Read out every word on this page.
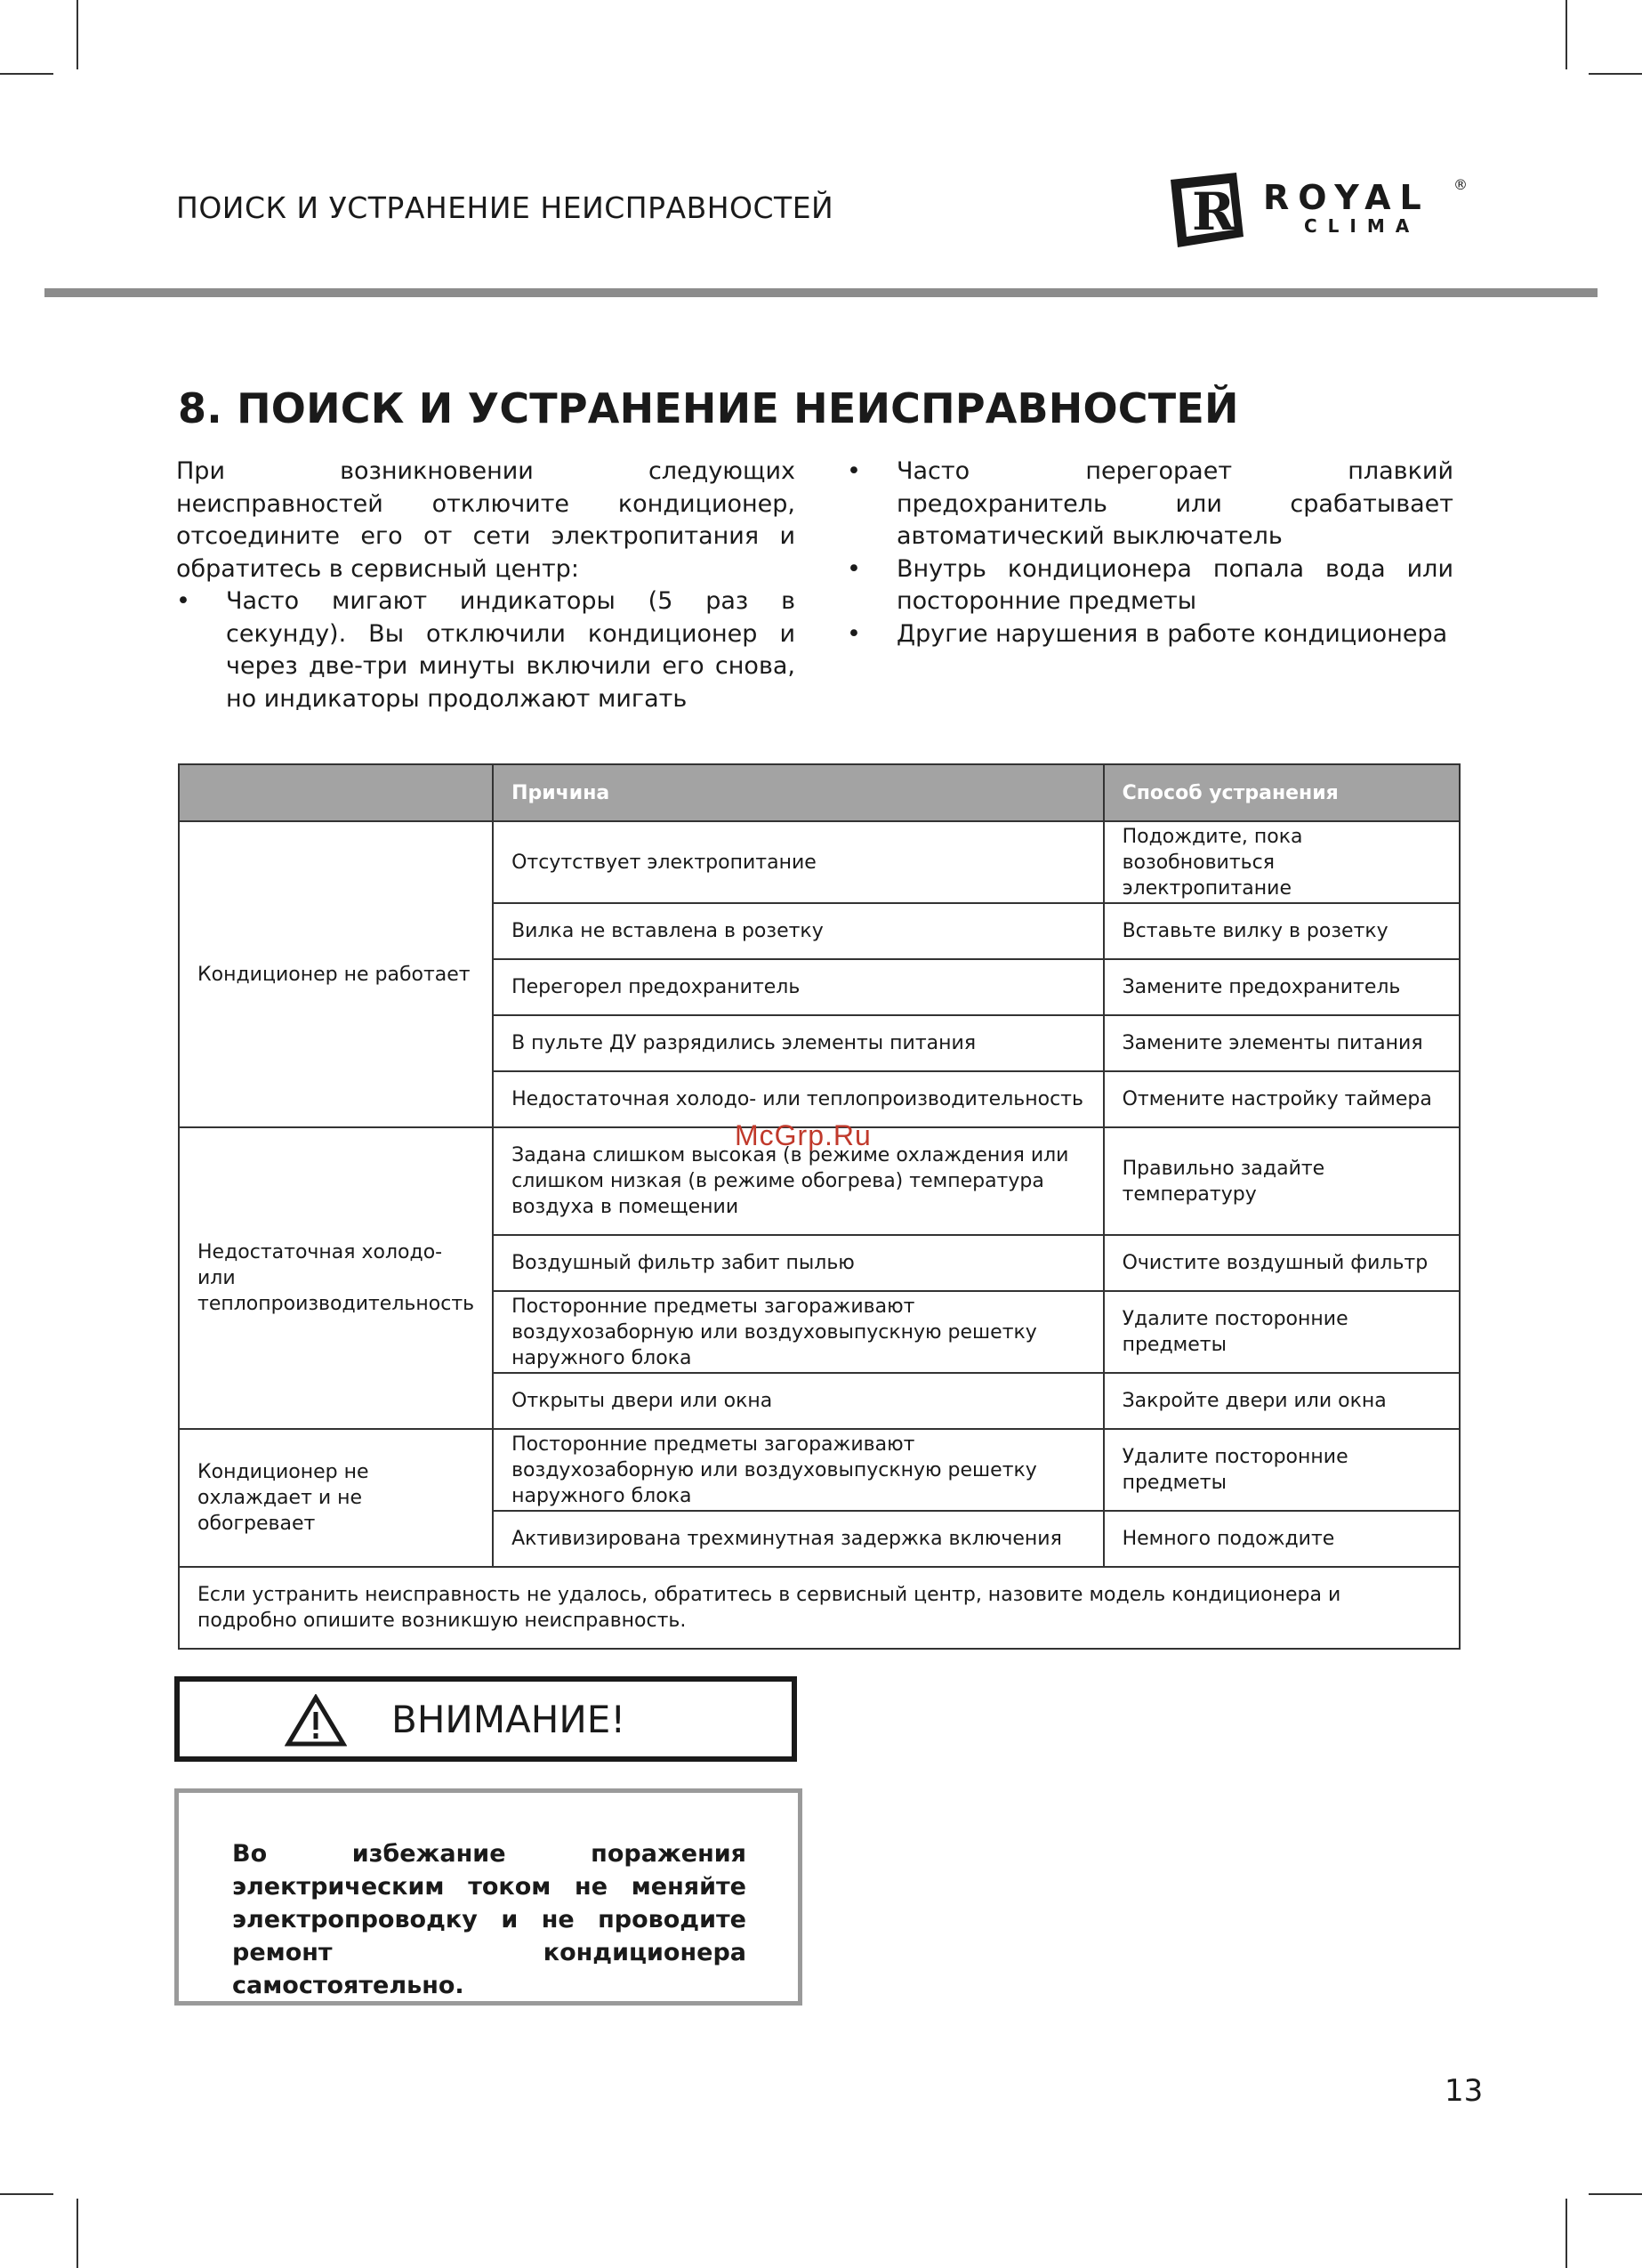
ПОИСК И УСТРАНЕНИЕ НЕИСПРАВНОСТЕЙ	R ROYAL ®
CLIMA
8. ПОИСК И УСТРАНЕНИЕ НЕИСПРАВНОСТЕЙ

При возникновении следующих неисправностей отключите кондиционер, отсоедините его от сети электропитания и обратитесь в сервисный центр:

• Часто мигают индикаторы (5 раз в секунду). Вы отключили кондиционер и через две-три минуты включили его снова, но индикаторы продолжают мигать
• Часто перегорает плавкий предохранитель или срабатывает автоматический выключатель
• Внутрь кондиционера попала вода или посторонние предметы
• Другие нарушения в работе кондиционера
	Причина	Способ устранения
Кондиционер не работает	Отсутствует электропитание	Подождите, пока возобновиться электропитание
	Вилка не вставлена в розетку	Вставьте вилку в розетку
	Перегорел предохранитель	Замените предохранитель
	В пульте ДУ разрядились элементы питания	Замените элементы питания
	Недостаточная холодо- или теплопроизводительность	Отмените настройку таймера
Недостаточная холодо- или теплопроизводительность	Задана слишком высокая (в режиме охлаждения или слишком низкая (в режиме обогрева) температура воздуха в помещении	Правильно задайте температуру
	Воздушный фильтр забит пылью	Очистите воздушный фильтр
	Посторонние предметы загораживают воздухозаборную или воздуховыпускную решетку наружного блока	Удалите посторонние предметы
	Открыты двери или окна	Закройте двери или окна
Кондиционер не охлаждает и не обогревает	Посторонние предметы загораживают воздухозаборную или воздуховыпускную решетку наружного блока	Удалите посторонние предметы
	Активизирована трехминутная задержка включения	Немного подождите
Если устранить неисправность не удалось, обратитесь в сервисный центр, назовите модель кондиционера и подробно опишите возникшую неисправность.		
McGrp.Ru
ВНИМАНИЕ!

Во избежание поражения электрическим током не меняйте электропроводку и не проводите ремонт кондиционера самостоятельно.

13
